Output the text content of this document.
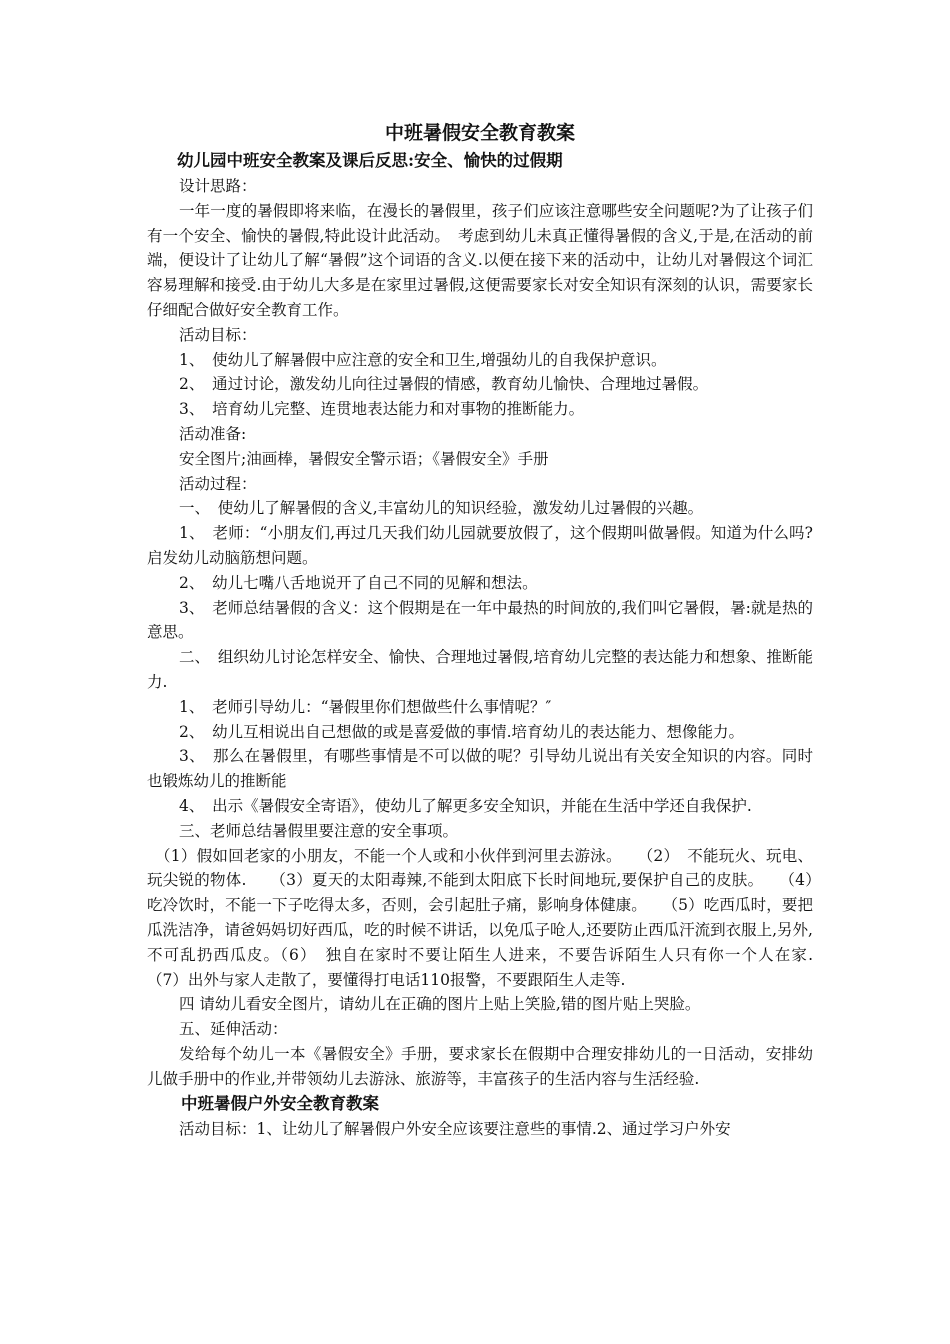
中班暑假安全教育教案
幼儿园中班安全教案及课后反思:安全、愉快的过假期

设计思路：

一年一度的暑假即将来临，在漫长的暑假里，孩子们应该注意哪些安全问题呢?为了让孩子们有一个安全、愉快的暑假,特此设计此活动。　考虑到幼儿未真正懂得暑假的含义,于是,在活动的前端，便设计了让幼儿了解“暑假”这个词语的含义.以便在接下来的活动中，让幼儿对暑假这个词汇容易理解和接受.由于幼儿大多是在家里过暑假,这便需要家长对安全知识有深刻的认识，需要家长仔细配合做好安全教育工作。

活动目标：

1、　使幼儿了解暑假中应注意的安全和卫生,增强幼儿的自我保护意识。

2、　通过讨论，激发幼儿向往过暑假的情感，教育幼儿愉快、合理地过暑假。

3、　培育幼儿完整、连贯地表达能力和对事物的推断能力。

活动准备:

安全图片;油画棒，暑假安全警示语；《暑假安全》手册

活动过程：

一、　使幼儿了解暑假的含义,丰富幼儿的知识经验，激发幼儿过暑假的兴趣。

1、　老师：“小朋友们,再过几天我们幼儿园就要放假了，这个假期叫做暑假。知道为什么吗?启发幼儿动脑筋想问题。

2、　幼儿七嘴八舌地说开了自己不同的见解和想法。

3、　老师总结暑假的含义：这个假期是在一年中最热的时间放的,我们叫它暑假，暑:就是热的意思。

二、　组织幼儿讨论怎样安全、愉快、合理地过暑假,培育幼儿完整的表达能力和想象、推断能力.

1、　老师引导幼儿：“暑假里你们想做些什么事情呢？″

2、　幼儿互相说出自己想做的或是喜爱做的事情.培育幼儿的表达能力、想像能力。

3、　那么在暑假里，有哪些事情是不可以做的呢？引导幼儿说出有关安全知识的内容。同时也锻炼幼儿的推断能

4、　出示《暑假安全寄语》，使幼儿了解更多安全知识，并能在生活中学还自我保护.

三、老师总结暑假里要注意的安全事项。

　（1）假如回老家的小朋友，不能一个人或和小伙伴到河里去游泳。　　（2）　不能玩火、玩电、玩尖锐的物体.　　（3）夏天的太阳毒辣,不能到太阳底下长时间地玩,要保护自己的皮肤。　　（4）　吃冷饮时，不能一下子吃得太多，否则，会引起肚子痛，影响身体健康。　　（5）吃西瓜时，要把瓜洗洁净，请爸妈妈切好西瓜，吃的时候不讲话，以免瓜子呛人,还要防止西瓜汗流到衣服上,另外,不可乱扔西瓜皮。（6）　独自在家时不要让陌生人进来，不要告诉陌生人只有你一个人在家.　　（7）出外与家人走散了，要懂得打电话110报警，不要跟陌生人走等.

四 请幼儿看安全图片，请幼儿在正确的图片上贴上笑脸,错的图片贴上哭脸。

五、延伸活动：

发给每个幼儿一本《暑假安全》手册，要求家长在假期中合理安排幼儿的一日活动，安排幼儿做手册中的作业,并带领幼儿去游泳、旅游等，丰富孩子的生活内容与生活经验.

中班暑假户外安全教育教案

活动目标：1、让幼儿了解暑假户外安全应该要注意些的事情.2、通过学习户外安
